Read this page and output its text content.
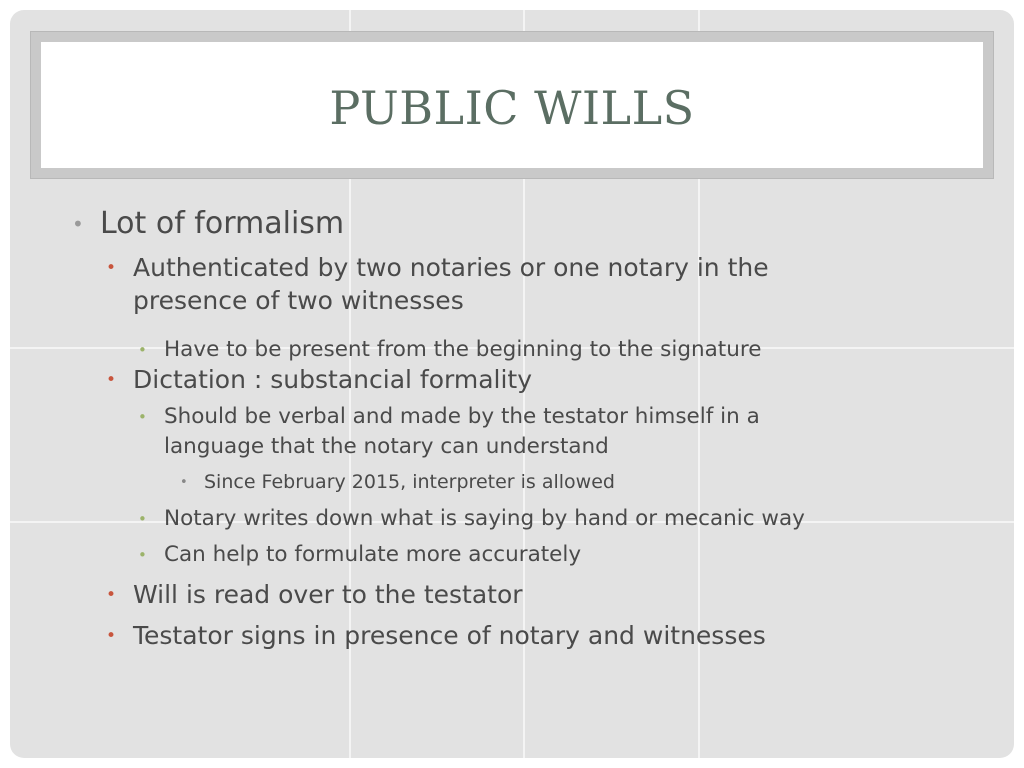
PUBLIC WILLS
• Lot of formalism
• Authenticated by two notaries or one notary in the presence of two witnesses
• Have to be present from the beginning to the signature
• Dictation : substancial formality
• Should be verbal and made by the testator himself in a language that the notary can understand
• Since February 2015, interpreter is allowed
• Notary writes down what is saying by hand or mecanic way
• Can help to formulate more accurately
• Will is read over to the testator
• Testator signs in presence of notary and witnesses
